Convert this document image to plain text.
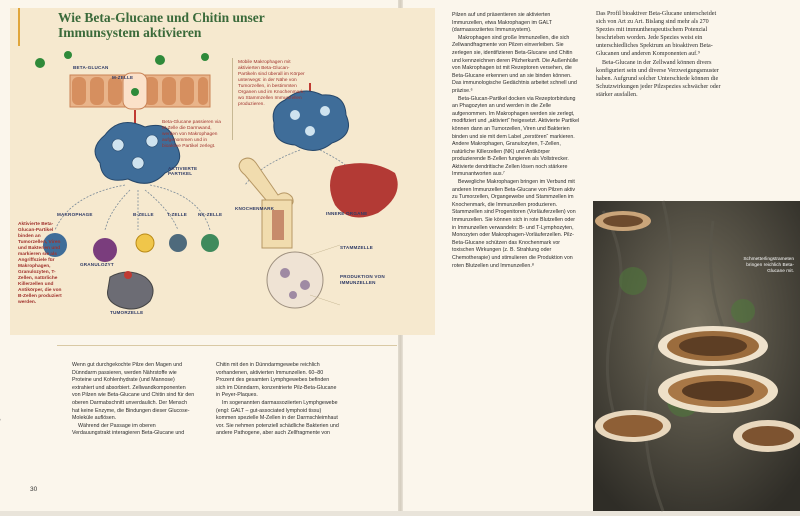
Wie Beta-Glucane und Chitin unser Immunsystem aktivieren
BETA-GLUCAN
M-ZELLE
AKTIVIERTE PARTIKEL
MAKROPHAGE	B-ZELLE	T-ZELLE NK-ZELLE
GRANULOZYT
TUMORZELLE
KNOCHENMARK
INNERE ORGANE
STAMMZELLE
PRODUKTION VON IMMUNZELLEN
Beta-Glucane passieren via M-Zelle die Darmwand, werden von Makrophagen aufgenommen und in bioaktive Partikel zerlegt.
Mobile Makrophagen mit aktivierten Beta-Glucan-Partikeln sind überall im Körper unterwegs: in der Nähe von Tumorzellen, in bestimmten Organen und im Knochenmark, wo Stammzellen Immunzellen produzieren.
Aktivierte Beta-Glucan-Partikel binden an Tumorzellen, Viren und Bakterien und markieren sie als Angriffsziele für Makrophagen, Granulozyten, T-Zellen, natürliche Killerzellen und Antikörper, die von B-Zellen produziert werden.

Wenn gut durchgekochte Pilze den Magen und Dünndarm passieren, werden Nährstoffe wie Proteine und Kohlenhydrate (und Mannose) extrahiert und absorbiert. Zellwandkomponenten von Pilzen wie Beta-Glucane und Chitin sind für den oberen Darmabschnitt unverdaulich. Der Mensch hat keine Enzyme, die Bindungen dieser Glucose-Moleküle auflösen.

Während der Passage im oberen Verdauungstrakt interagieren Beta-Glucane und

Chitin mit den in Dünndarmgewebe reichlich vorhandenen, aktivierten Immunzellen. 60–80 Prozent des gesamten Lymphgewebes befinden sich im Dünndarm, konzentrierte Pilz-Beta-Glucane in Peyer-Plaques.

Im sogenannten darmassoziierten Lymphgewebe (engl: GALT – gut-associated lymphoid tissu) kommen spezielle M-Zellen in der Darmschleimhaut vor. Sie nehmen potenziell schädliche Bakterien und andere Pathogene, aber auch Zellfragmente von

30

Pilzen auf und präsentieren sie aktivierten Immunzellen, etwa Makrophagen im GALT (darmassoziiertes Immunsystem).

Makrophagen sind große Immunzellen, die sich Zellwandfragmente von Pilzen einverleiben. Sie zerlegen sie, identifizieren Beta-Glucane und Chitin und kennzeichnen deren Pilzherkunft. Die Außenhülle von Makrophagen ist mit Rezeptoren versehen, die Beta-Glucane erkennen und an sie binden können. Das immunologische Gedächtnis arbeitet schnell und präzise.⁶

Beta-Glucan-Partikel docken via Rezeptorbindung an Phagozyten an und werden in die Zelle aufgenommen. Im Makrophagen werden sie zerlegt, modifiziert und „aktiviert“ freigesetzt. Aktivierte Partikel können dann an Tumorzellen, Viren und Bakterien binden und sie mit dem Label „zerstören“ markieren. Andere Makrophagen, Granulozyten, T-Zellen, natürliche Killerzellen (NK) und Antikörper produzierende B-Zellen fungieren als Vollstrecker. Aktivierte dendritische Zellen lösen noch stärkere Immunantworten aus.⁷

Bewegliche Makrophagen bringen im Verbund mit anderen Immunzellen Beta-Glucane von Pilzen aktiv zu Tumorzellen, Organgewebe und Stammzellen im Knochenmark, die Immunzellen produzieren. Stammzellen sind Progenitoren (Vorläuferzellen) von Immunzellen. Sie können sich in rote Blutzellen oder in Immunzellen verwandeln: B- und T-Lymphozyten, Monozyten oder Makrophagen-Vorläuferzellen. Pilz-Beta-Glucane schützen das Knochenmark vor toxischen Wirkungen (z. B. Strahlung oder Chemotherapie) und stimulieren die Produktion von roten Blutzellen und Immunzellen.⁸

Das Profil bioaktiver Beta-Glucane unterscheidet sich von Art zu Art. Bislang sind mehr als 270 Spezies mit immuntherapeutischem Potenzial beschrieben worden. Jede Spezies weist ein unterschiedliches Spektrum an bioaktiven Beta-Glucanen und anderen Komponenten auf.⁹

Beta-Glucane in der Zellwand können divers konfiguriert sein und diverse Verzweigungsmuster haben. Aufgrund solcher Unterschiede können die Schutzwirkungen jeder Pilzspezies schwächer oder stärker ausfallen.

Schmetterlingstrameten bringen reichlich Beta-Glucane mit.
